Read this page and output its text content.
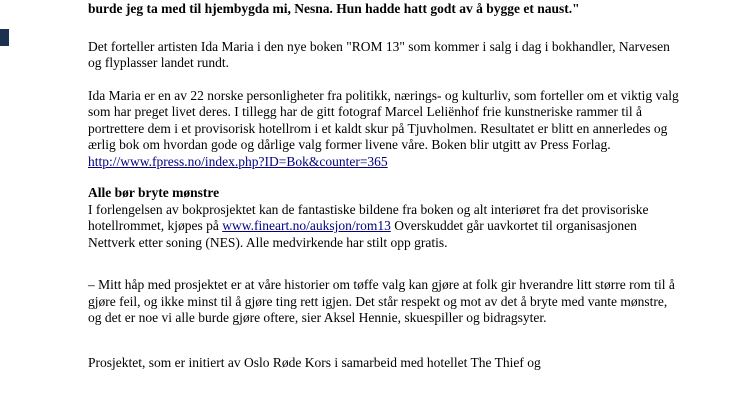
burde jeg ta med til hjembygda mi, Nesna. Hun hadde hatt godt av å bygge et naust."

Det forteller artisten Ida Maria i den nye boken "ROM 13" som kommer i salg i dag i bokhandler, Narvesen og flyplasser landet rundt.

Ida Maria er en av 22 norske personligheter fra politikk, nærings- og kulturliv, som forteller om et viktig valg som har preget livet deres. I tillegg har de gitt fotograf Marcel Leliënhof frie kunstneriske rammer til å portrettere dem i et provisorisk hotellrom i et kaldt skur på Tjuvholmen. Resultatet er blitt en annerledes og ærlig bok om hvordan gode og dårlige valg former livene våre. Boken blir utgitt av Press Forlag.

http://www.fpress.no/index.php?ID=Bok&counter=365

Alle bør bryte mønstre

I forlengelsen av bokprosjektet kan de fantastiske bildene fra boken og alt interiøret fra det provisoriske hotellrommet, kjøpes på www.fineart.no/auksjon/rom13 Overskuddet går uavkortet til organisasjonen Nettverk etter soning (NES). Alle medvirkende har stilt opp gratis.

– Mitt håp med prosjektet er at våre historier om tøffe valg kan gjøre at folk gir hverandre litt større rom til å gjøre feil, og ikke minst til å gjøre ting rett igjen. Det står respekt og mot av det å bryte med vante mønstre, og det er noe vi alle burde gjøre oftere, sier Aksel Hennie, skuespiller og bidragsyter.

Prosjektet, som er initiert av Oslo Røde Kors i samarbeid med hotellet The Thief og
